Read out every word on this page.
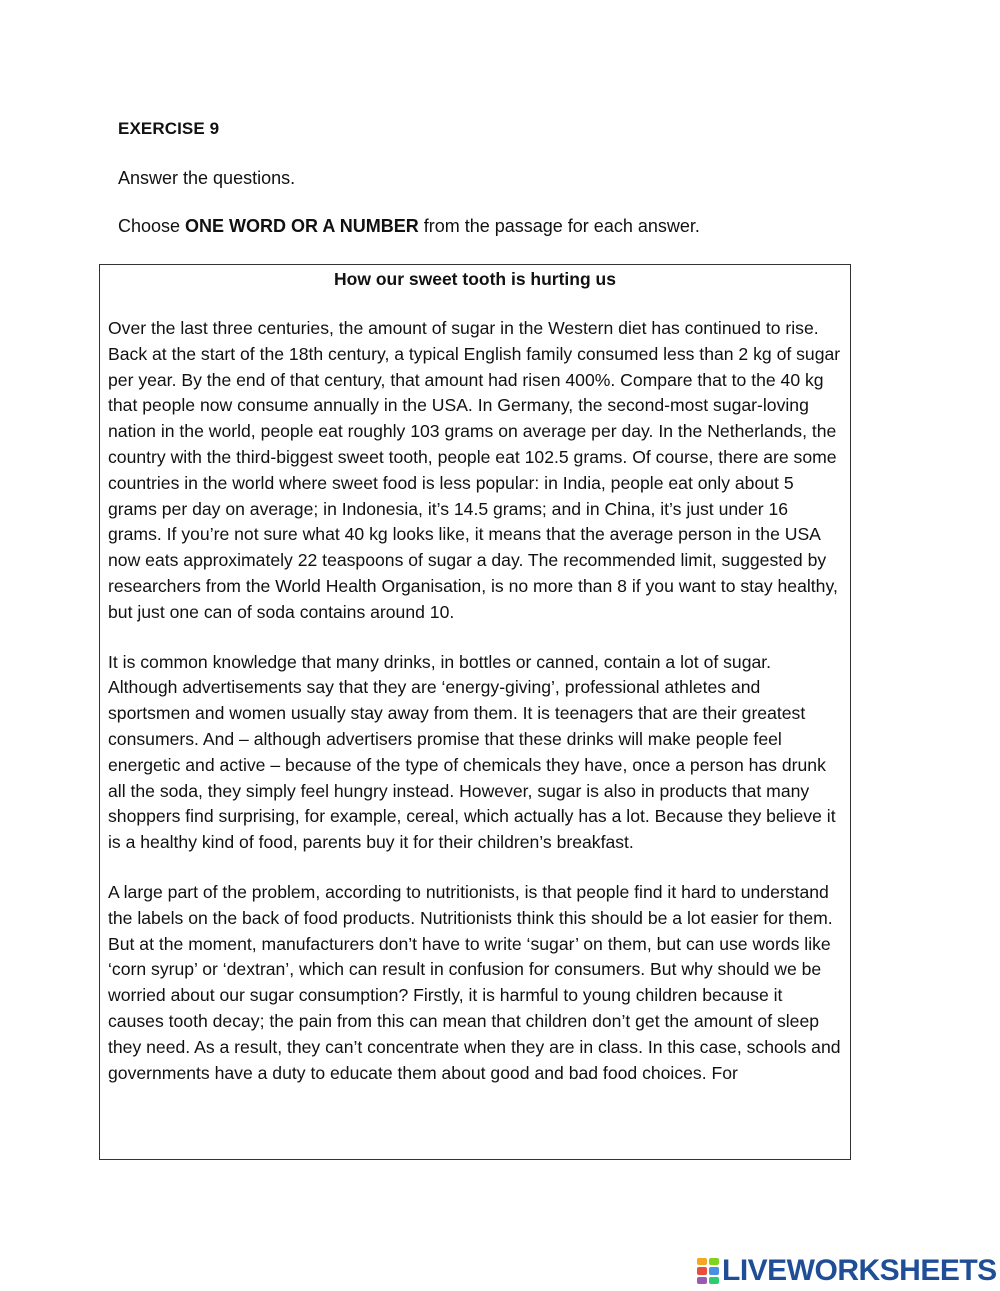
EXERCISE 9
Answer the questions.
Choose ONE WORD OR A NUMBER from the passage for each answer.
How our sweet tooth is hurting us

Over the last three centuries, the amount of sugar in the Western diet has continued to rise. Back at the start of the 18th century, a typical English family consumed less than 2 kg of sugar per year. By the end of that century, that amount had risen 400%. Compare that to the 40 kg that people now consume annually in the USA. In Germany, the second-most sugar-loving nation in the world, people eat roughly 103 grams on average per day. In the Netherlands, the country with the third-biggest sweet tooth, people eat 102.5 grams. Of course, there are some countries in the world where sweet food is less popular: in India, people eat only about 5 grams per day on average; in Indonesia, it’s 14.5 grams; and in China, it’s just under 16 grams. If you’re not sure what 40 kg looks like, it means that the average person in the USA now eats approximately 22 teaspoons of sugar a day. The recommended limit, suggested by researchers from the World Health Organisation, is no more than 8 if you want to stay healthy, but just one can of soda contains around 10.

It is common knowledge that many drinks, in bottles or canned, contain a lot of sugar. Although advertisements say that they are ‘energy-giving’, professional athletes and sportsmen and women usually stay away from them. It is teenagers that are their greatest consumers. And – although advertisers promise that these drinks will make people feel energetic and active – because of the type of chemicals they have, once a person has drunk all the soda, they simply feel hungry instead. However, sugar is also in products that many shoppers find surprising, for example, cereal, which actually has a lot. Because they believe it is a healthy kind of food, parents buy it for their children’s breakfast.

A large part of the problem, according to nutritionists, is that people find it hard to understand the labels on the back of food products. Nutritionists think this should be a lot easier for them. But at the moment, manufacturers don’t have to write ‘sugar’ on them, but can use words like ‘corn syrup’ or ‘dextran’, which can result in confusion for consumers. But why should we be worried about our sugar consumption? Firstly, it is harmful to young children because it causes tooth decay; the pain from this can mean that children don’t get the amount of sleep they need. As a result, they can’t concentrate when they are in class. In this case, schools and governments have a duty to educate them about good and bad food choices. For

LIVEWORKSHEETS
